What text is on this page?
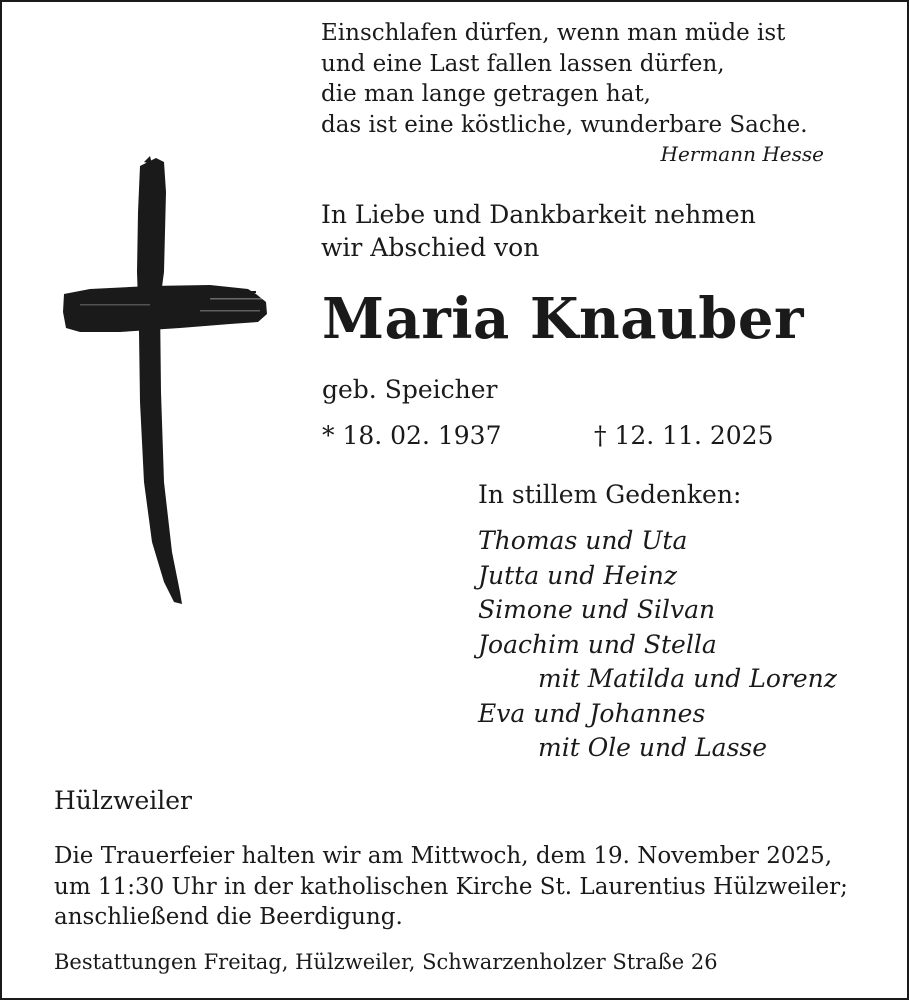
Einschlafen dürfen, wenn man müde ist
und eine Last fallen lassen dürfen,
die man lange getragen hat,
das ist eine köstliche, wunderbare Sache.
Hermann Hesse
In Liebe und Dankbarkeit nehmen
wir Abschied von
Maria Knauber
geb. Speicher
* 18. 02. 1937	† 12. 11. 2025
In stillem Gedenken:
Thomas und Uta
Jutta und Heinz
Simone und Silvan
Joachim und Stella
mit Matilda und Lorenz
Eva und Johannes
mit Ole und Lasse
Hülzweiler
Die Trauerfeier halten wir am Mittwoch, dem 19. November 2025,
um 11:30 Uhr in der katholischen Kirche St. Laurentius Hülzweiler;
anschließend die Beerdigung.
Bestattungen Freitag, Hülzweiler, Schwarzenholzer Straße 26
